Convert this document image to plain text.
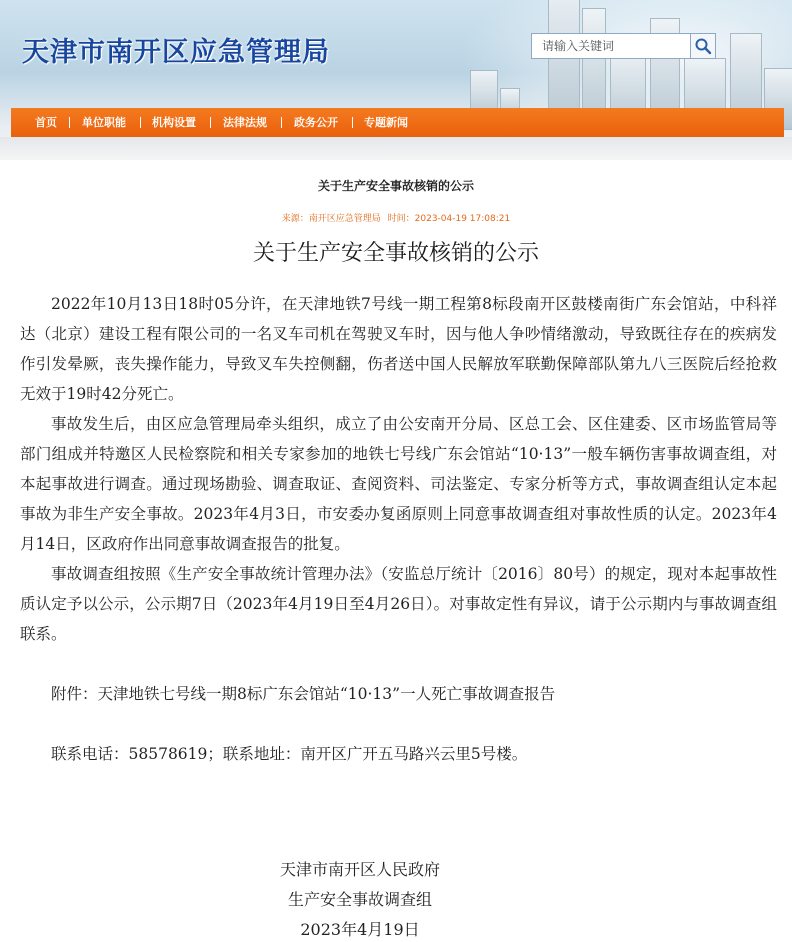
天津市南开区应急管理局
请输入关键词
首页 单位职能 机构设置 法律法规 政务公开 专题新闻
关于生产安全事故核销的公示
来源：南开区应急管理局 时间：2023-04-19 17:08:21
关于生产安全事故核销的公示

2022年10月13日18时05分许，在天津地铁7号线一期工程第8标段南开区鼓楼南街广东会馆站，中科祥达（北京）建设工程有限公司的一名叉车司机在驾驶叉车时，因与他人争吵情绪激动，导致既往存在的疾病发作引发晕厥，丧失操作能力，导致叉车失控侧翻，伤者送中国人民解放军联勤保障部队第九八三医院后经抢救无效于19时42分死亡。

事故发生后，由区应急管理局牵头组织，成立了由公安南开分局、区总工会、区住建委、区市场监管局等部门组成并特邀区人民检察院和相关专家参加的地铁七号线广东会馆站“10·13”一般车辆伤害事故调查组，对本起事故进行调查。通过现场勘验、调查取证、查阅资料、司法鉴定、专家分析等方式，事故调查组认定本起事故为非生产安全事故。2023年4月3日，市安委办复函原则上同意事故调查组对事故性质的认定。2023年4月14日，区政府作出同意事故调查报告的批复。

事故调查组按照《生产安全事故统计管理办法》（安监总厅统计〔2016〕80号）的规定，现对本起事故性质认定予以公示，公示期7日（2023年4月19日至4月26日）。对事故定性有异议，请于公示期内与事故调查组联系。

附件：天津地铁七号线一期8标广东会馆站“10·13”一人死亡事故调查报告

联系电话：58578619；联系地址：南开区广开五马路兴云里5号楼。

天津市南开区人民政府
生产安全事故调查组
2023年4月19日
